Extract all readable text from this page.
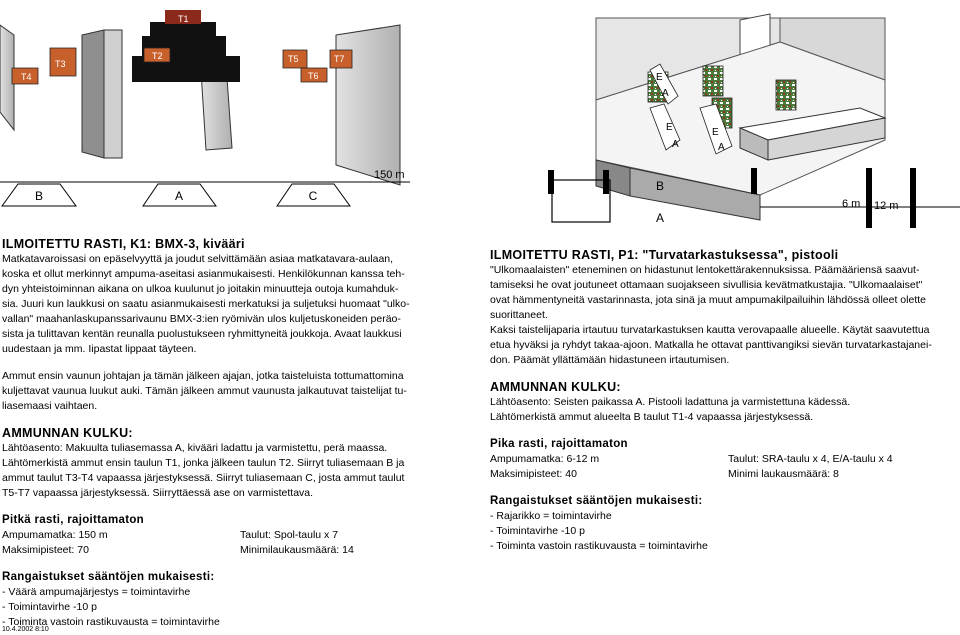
T1
T2
T3
T4
T5
T6
T7
150 m
B	A	C
E
A
E
A
E
A
B
A
6 m 12 m

ILMOITETTU RASTI, K1: BMX-3, kivääri

Matkatavaroissasi on epäselvyyttä ja joudut selvittämään asiaa matkatavara-aulaan,

koska et ollut merkinnyt ampuma-aseitasi asianmukaisesti. Henkilökunnan kanssa teh-

dyn yhteistoiminnan aikana on ulkoa kuulunut jo joitakin minuutteja outoja kumahduk-

sia. Juuri kun laukkusi on saatu asianmukaisesti merkatuksi ja suljetuksi huomaat "ulko-

vallan" maahanlaskupanssarivaunu BMX-3:ien ryömivän ulos kuljetuskoneiden peräo-

sista ja tulittavan kentän reunalla puolustukseen ryhmittyneitä joukkoja. Avaat laukkusi

uudestaan ja mm. Iipastat lippaat täyteen.

Ammut ensin vaunun johtajan ja tämän jälkeen ajajan, jotka taisteluista tottumattomina

kuljettavat vaunua luukut auki. Tämän jälkeen ammut vaunusta jalkautuvat taistelijat tu-

liasemaasi vaihtaen.

AMMUNNAN KULKU:

Lähtöasento: Makuulta tuliasemassa A, kivääri ladattu ja varmistettu, perä maassa.

Lähtömerkistä ammut ensin taulun T1, jonka jälkeen taulun T2. Siirryt tuliasemaan B ja

ammut taulut T3-T4 vapaassa järjestyksessä. Siirryt tuliasemaan C, josta ammut taulut

T5-T7 vapaassa järjestyksessä. Siirryttäessä ase on varmistettava.

Pitkä rasti, rajoittamaton

Ampumamatka: 150 m	Taulut: Spol-taulu x 7
Maksimipisteet: 70	Minimilaukausmäärä: 14

Rangaistukset sääntöjen mukaisesti:

- Väärä ampumajärjestys = toimintavirhe

- Toimintavirhe -10 p

- Toiminta vastoin rastikuvausta = toimintavirhe

ILMOITETTU RASTI, P1: "Turvatarkastuksessa", pistooli

"Ulkomaalaisten" eteneminen on hidastunut lentokettärakennuksissa. Päämääriensä saavut-

tamiseksi he ovat joutuneet ottamaan suojakseen sivullisia kevätmatkustajia. "Ulkomaalaiset"

ovat hämmentyneitä vastarinnasta, jota sinä ja muut ampumakilpailuihin lähdössä olleet olette

suorittaneet.

Kaksi taistelijaparia irtautuu turvatarkastuksen kautta verovapaalle alueelle. Käytät saavutettua

etua hyväksi ja ryhdyt takaa-ajoon. Matkalla he ottavat panttivangiksi sievän turvatarkastajanei-

don. Päämät yllättämään hidastuneen irtautumisen.

AMMUNNAN KULKU:

Lähtöasento: Seisten paikassa A. Pistooli ladattuna ja varmistettuna kädessä.

Lähtömerkistä ammut alueelta B taulut T1-4 vapaassa järjestyksessä.

Pika rasti, rajoittamaton

Ampumamatka: 6-12 m	Taulut: SRA-taulu x 4, E/A-taulu x 4
Maksimipisteet: 40	Minimi laukausmäärä: 8

Rangaistukset sääntöjen mukaisesti:

- Rajarikko = toimintavirhe

- Toimintavirhe -10 p

- Toiminta vastoin rastikuvausta = toimintavirhe

10.4.2002 8:10
